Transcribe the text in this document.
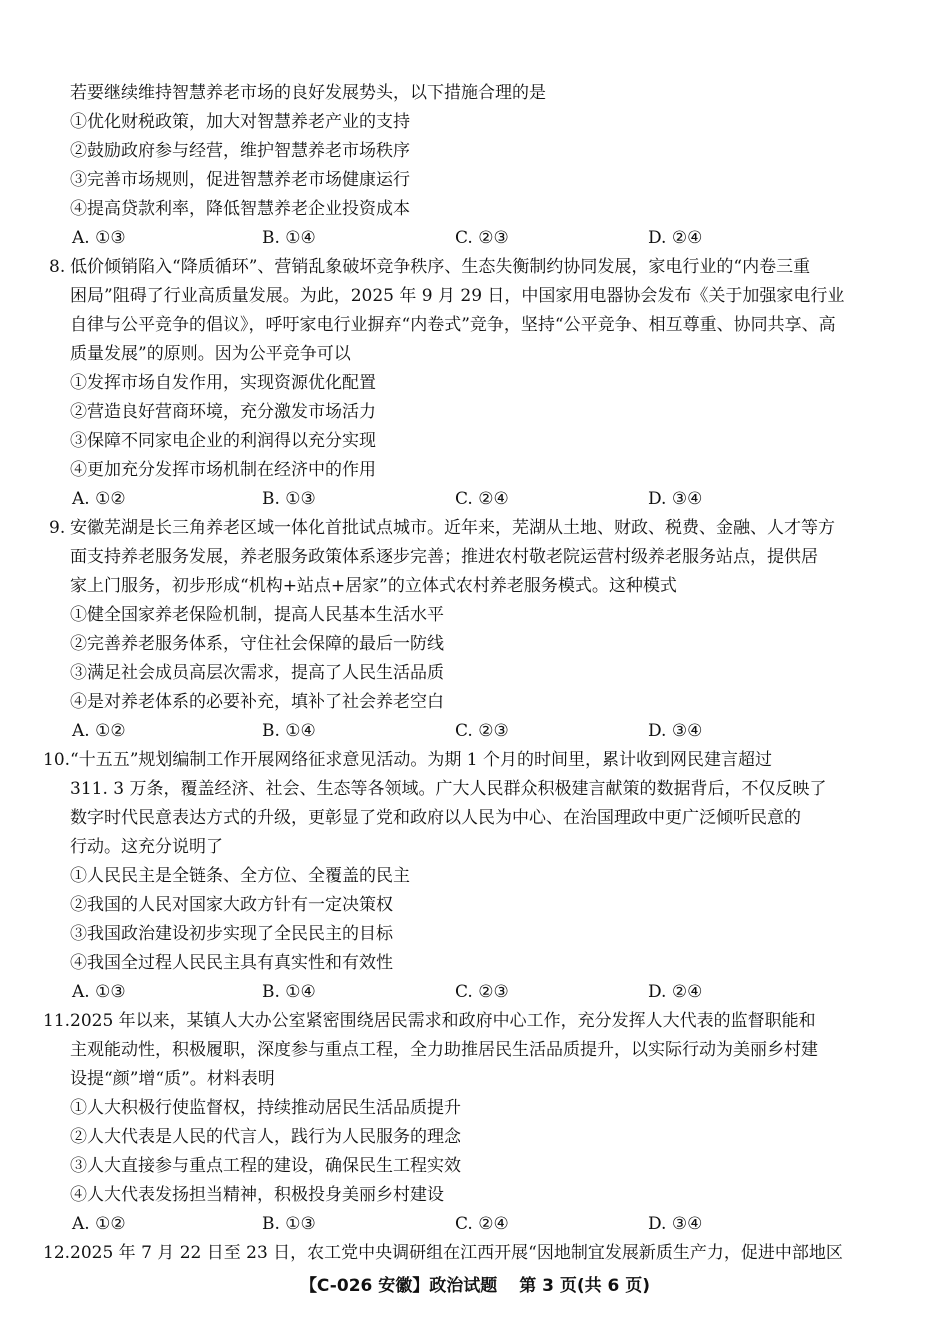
若要继续维持智慧养老市场的良好发展势头，以下措施合理的是
①优化财税政策，加大对智慧养老产业的支持
②鼓励政府参与经营，维护智慧养老市场秩序
③完善市场规则，促进智慧养老市场健康运行
④提高贷款利率，降低智慧养老企业投资成本
A. ①③	B. ①④	C. ②③	D. ②④
8. 低价倾销陷入“降质循环”、营销乱象破坏竞争秩序、生态失衡制约协同发展，家电行业的“内卷三重
困局”阻碍了行业高质量发展。为此，2025 年 9 月 29 日，中国家用电器协会发布《关于加强家电行业
自律与公平竞争的倡议》，呼吁家电行业摒弃“内卷式”竞争，坚持“公平竞争、相互尊重、协同共享、高
质量发展”的原则。因为公平竞争可以
①发挥市场自发作用，实现资源优化配置
②营造良好营商环境，充分激发市场活力
③保障不同家电企业的利润得以充分实现
④更加充分发挥市场机制在经济中的作用
A. ①②	B. ①③	C. ②④	D. ③④
9. 安徽芜湖是长三角养老区域一体化首批试点城市。近年来，芜湖从土地、财政、税费、金融、人才等方
面支持养老服务发展，养老服务政策体系逐步完善；推进农村敬老院运营村级养老服务站点，提供居
家上门服务，初步形成“机构+站点+居家”的立体式农村养老服务模式。这种模式
①健全国家养老保险机制，提高人民基本生活水平
②完善养老服务体系，守住社会保障的最后一防线
③满足社会成员高层次需求，提高了人民生活品质
④是对养老体系的必要补充，填补了社会养老空白
A. ①②	B. ①④	C. ②③	D. ③④
10.“十五五”规划编制工作开展网络征求意见活动。为期 1 个月的时间里，累计收到网民建言超过
311. 3 万条，覆盖经济、社会、生态等各领域。广大人民群众积极建言献策的数据背后，不仅反映了
数字时代民意表达方式的升级，更彰显了党和政府以人民为中心、在治国理政中更广泛倾听民意的
行动。这充分说明了
①人民民主是全链条、全方位、全覆盖的民主
②我国的人民对国家大政方针有一定决策权
③我国政治建设初步实现了全民民主的目标
④我国全过程人民民主具有真实性和有效性
A. ①③	B. ①④	C. ②③	D. ②④
11.2025 年以来，某镇人大办公室紧密围绕居民需求和政府中心工作，充分发挥人大代表的监督职能和
主观能动性，积极履职，深度参与重点工程，全力助推居民生活品质提升，以实际行动为美丽乡村建
设提“颜”增“质”。材料表明
①人大积极行使监督权，持续推动居民生活品质提升
②人大代表是人民的代言人，践行为人民服务的理念
③人大直接参与重点工程的建设，确保民生工程实效
④人大代表发扬担当精神，积极投身美丽乡村建设
A. ①②	B. ①③	C. ②④	D. ③④
12.2025 年 7 月 22 日至 23 日，农工党中央调研组在江西开展“因地制宜发展新质生产力，促进中部地区
【C-026 安徽】政治试题 第 3 页(共 6 页)
